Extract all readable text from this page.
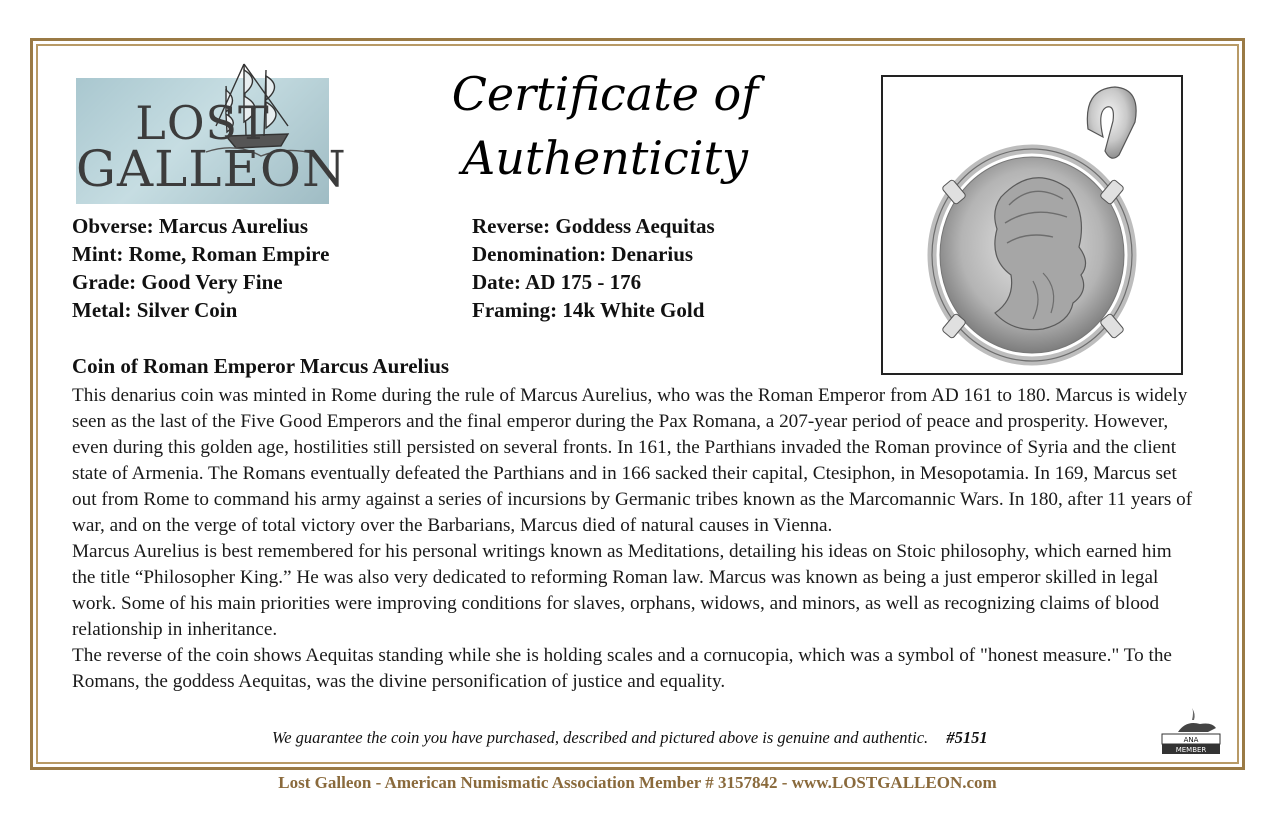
LOST
GALLEON
Certificate of
Authenticity
Obverse: Marcus Aurelius
Mint: Rome, Roman Empire
Grade: Good Very Fine
Metal: Silver Coin
Reverse: Goddess Aequitas
Denomination: Denarius
Date: AD 175 - 176
Framing: 14k White Gold
Coin of Roman Emperor Marcus Aurelius

This denarius coin was minted in Rome during the rule of Marcus Aurelius, who was the Roman Emperor from AD 161 to 180. Marcus is widely seen as the last of the Five Good Emperors and the final emperor during the Pax Romana, a 207-year period of peace and prosperity. However, even during this golden age, hostilities still persisted on several fronts. In 161, the Parthians invaded the Roman province of Syria and the client state of Armenia. The Romans eventually defeated the Parthians and in 166 sacked their capital, Ctesiphon, in Mesopotamia. In 169, Marcus set out from Rome to command his army against a series of incursions by Germanic tribes known as the Marcomannic Wars. In 180, after 11 years of war, and on the verge of total victory over the Barbarians, Marcus died of natural causes in Vienna.

Marcus Aurelius is best remembered for his personal writings known as Meditations, detailing his ideas on Stoic philosophy, which earned him the title “Philosopher King.” He was also very dedicated to reforming Roman law. Marcus was known as being a just emperor skilled in legal work. Some of his main priorities were improving conditions for slaves, orphans, widows, and minors, as well as recognizing claims of blood relationship in inheritance.

The reverse of the coin shows Aequitas standing while she is holding scales and a cornucopia, which was a symbol of "honest measure." To the Romans, the goddess Aequitas, was the divine personification of justice and equality.

We guarantee the coin you have purchased, described and pictured above is genuine and authentic. #5151	ANA
MEMBER
Lost Galleon - American Numismatic Association Member # 3157842 - www.LOSTGALLEON.com
